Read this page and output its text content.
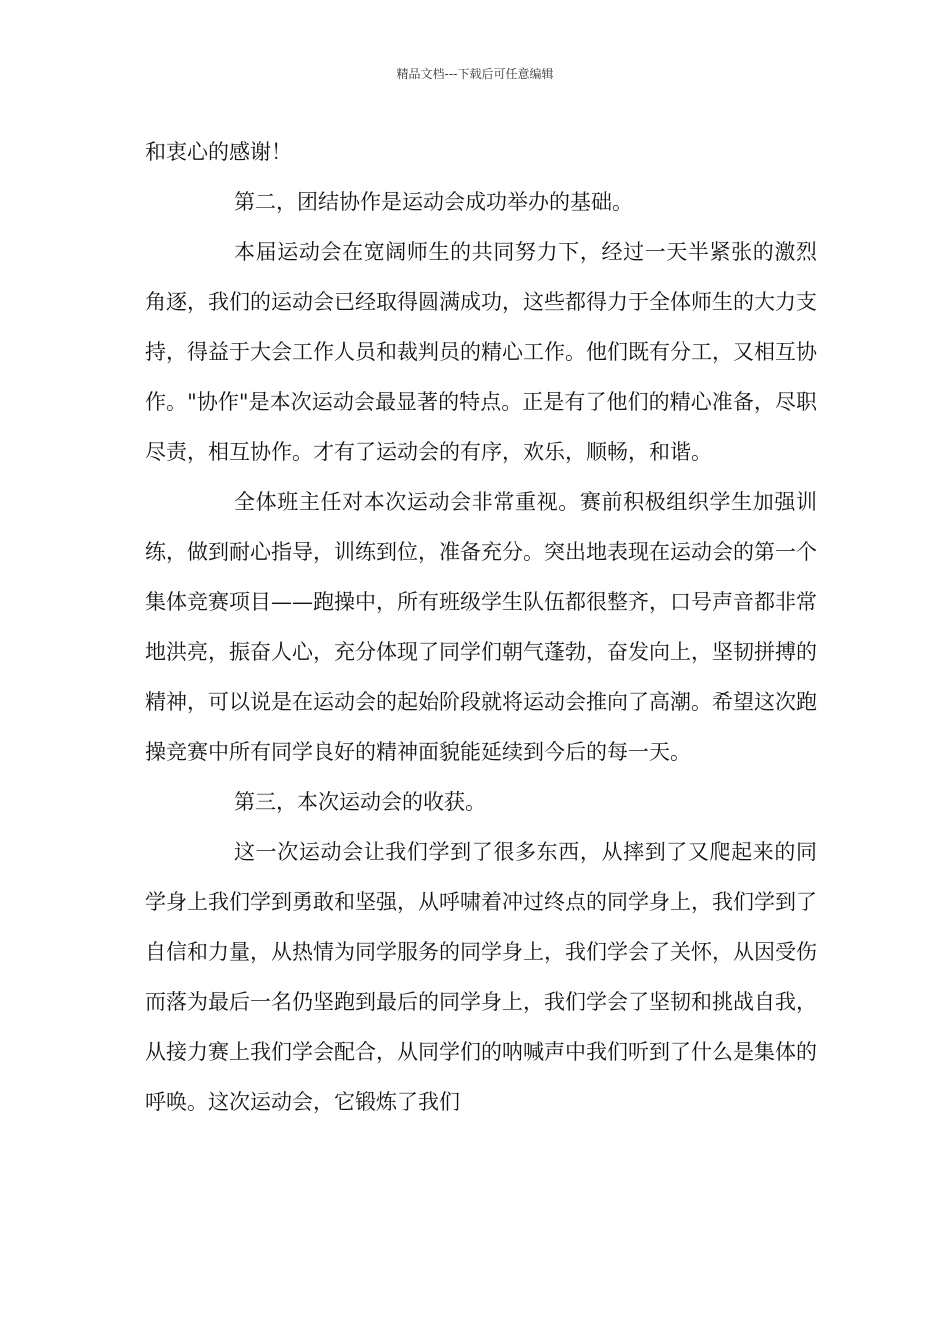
精品文档---下载后可任意编辑

和衷心的感谢！

第二，团结协作是运动会成功举办的基础。

本届运动会在宽阔师生的共同努力下，经过一天半紧张的激烈角逐，我们的运动会已经取得圆满成功，这些都得力于全体师生的大力支持，得益于大会工作人员和裁判员的精心工作。他们既有分工，又相互协作。"协作"是本次运动会最显著的特点。正是有了他们的精心准备，尽职尽责，相互协作。才有了运动会的有序，欢乐，顺畅，和谐。

全体班主任对本次运动会非常重视。赛前积极组织学生加强训练，做到耐心指导，训练到位，准备充分。突出地表现在运动会的第一个集体竞赛项目——跑操中，所有班级学生队伍都很整齐，口号声音都非常地洪亮，振奋人心，充分体现了同学们朝气蓬勃，奋发向上，坚韧拼搏的精神，可以说是在运动会的起始阶段就将运动会推向了高潮。希望这次跑操竞赛中所有同学良好的精神面貌能延续到今后的每一天。

第三，本次运动会的收获。

这一次运动会让我们学到了很多东西，从摔到了又爬起来的同学身上我们学到勇敢和坚强，从呼啸着冲过终点的同学身上，我们学到了自信和力量，从热情为同学服务的同学身上，我们学会了关怀，从因受伤而落为最后一名仍坚跑到最后的同学身上，我们学会了坚韧和挑战自我，从接力赛上我们学会配合，从同学们的呐喊声中我们听到了什么是集体的呼唤。这次运动会，它锻炼了我们
